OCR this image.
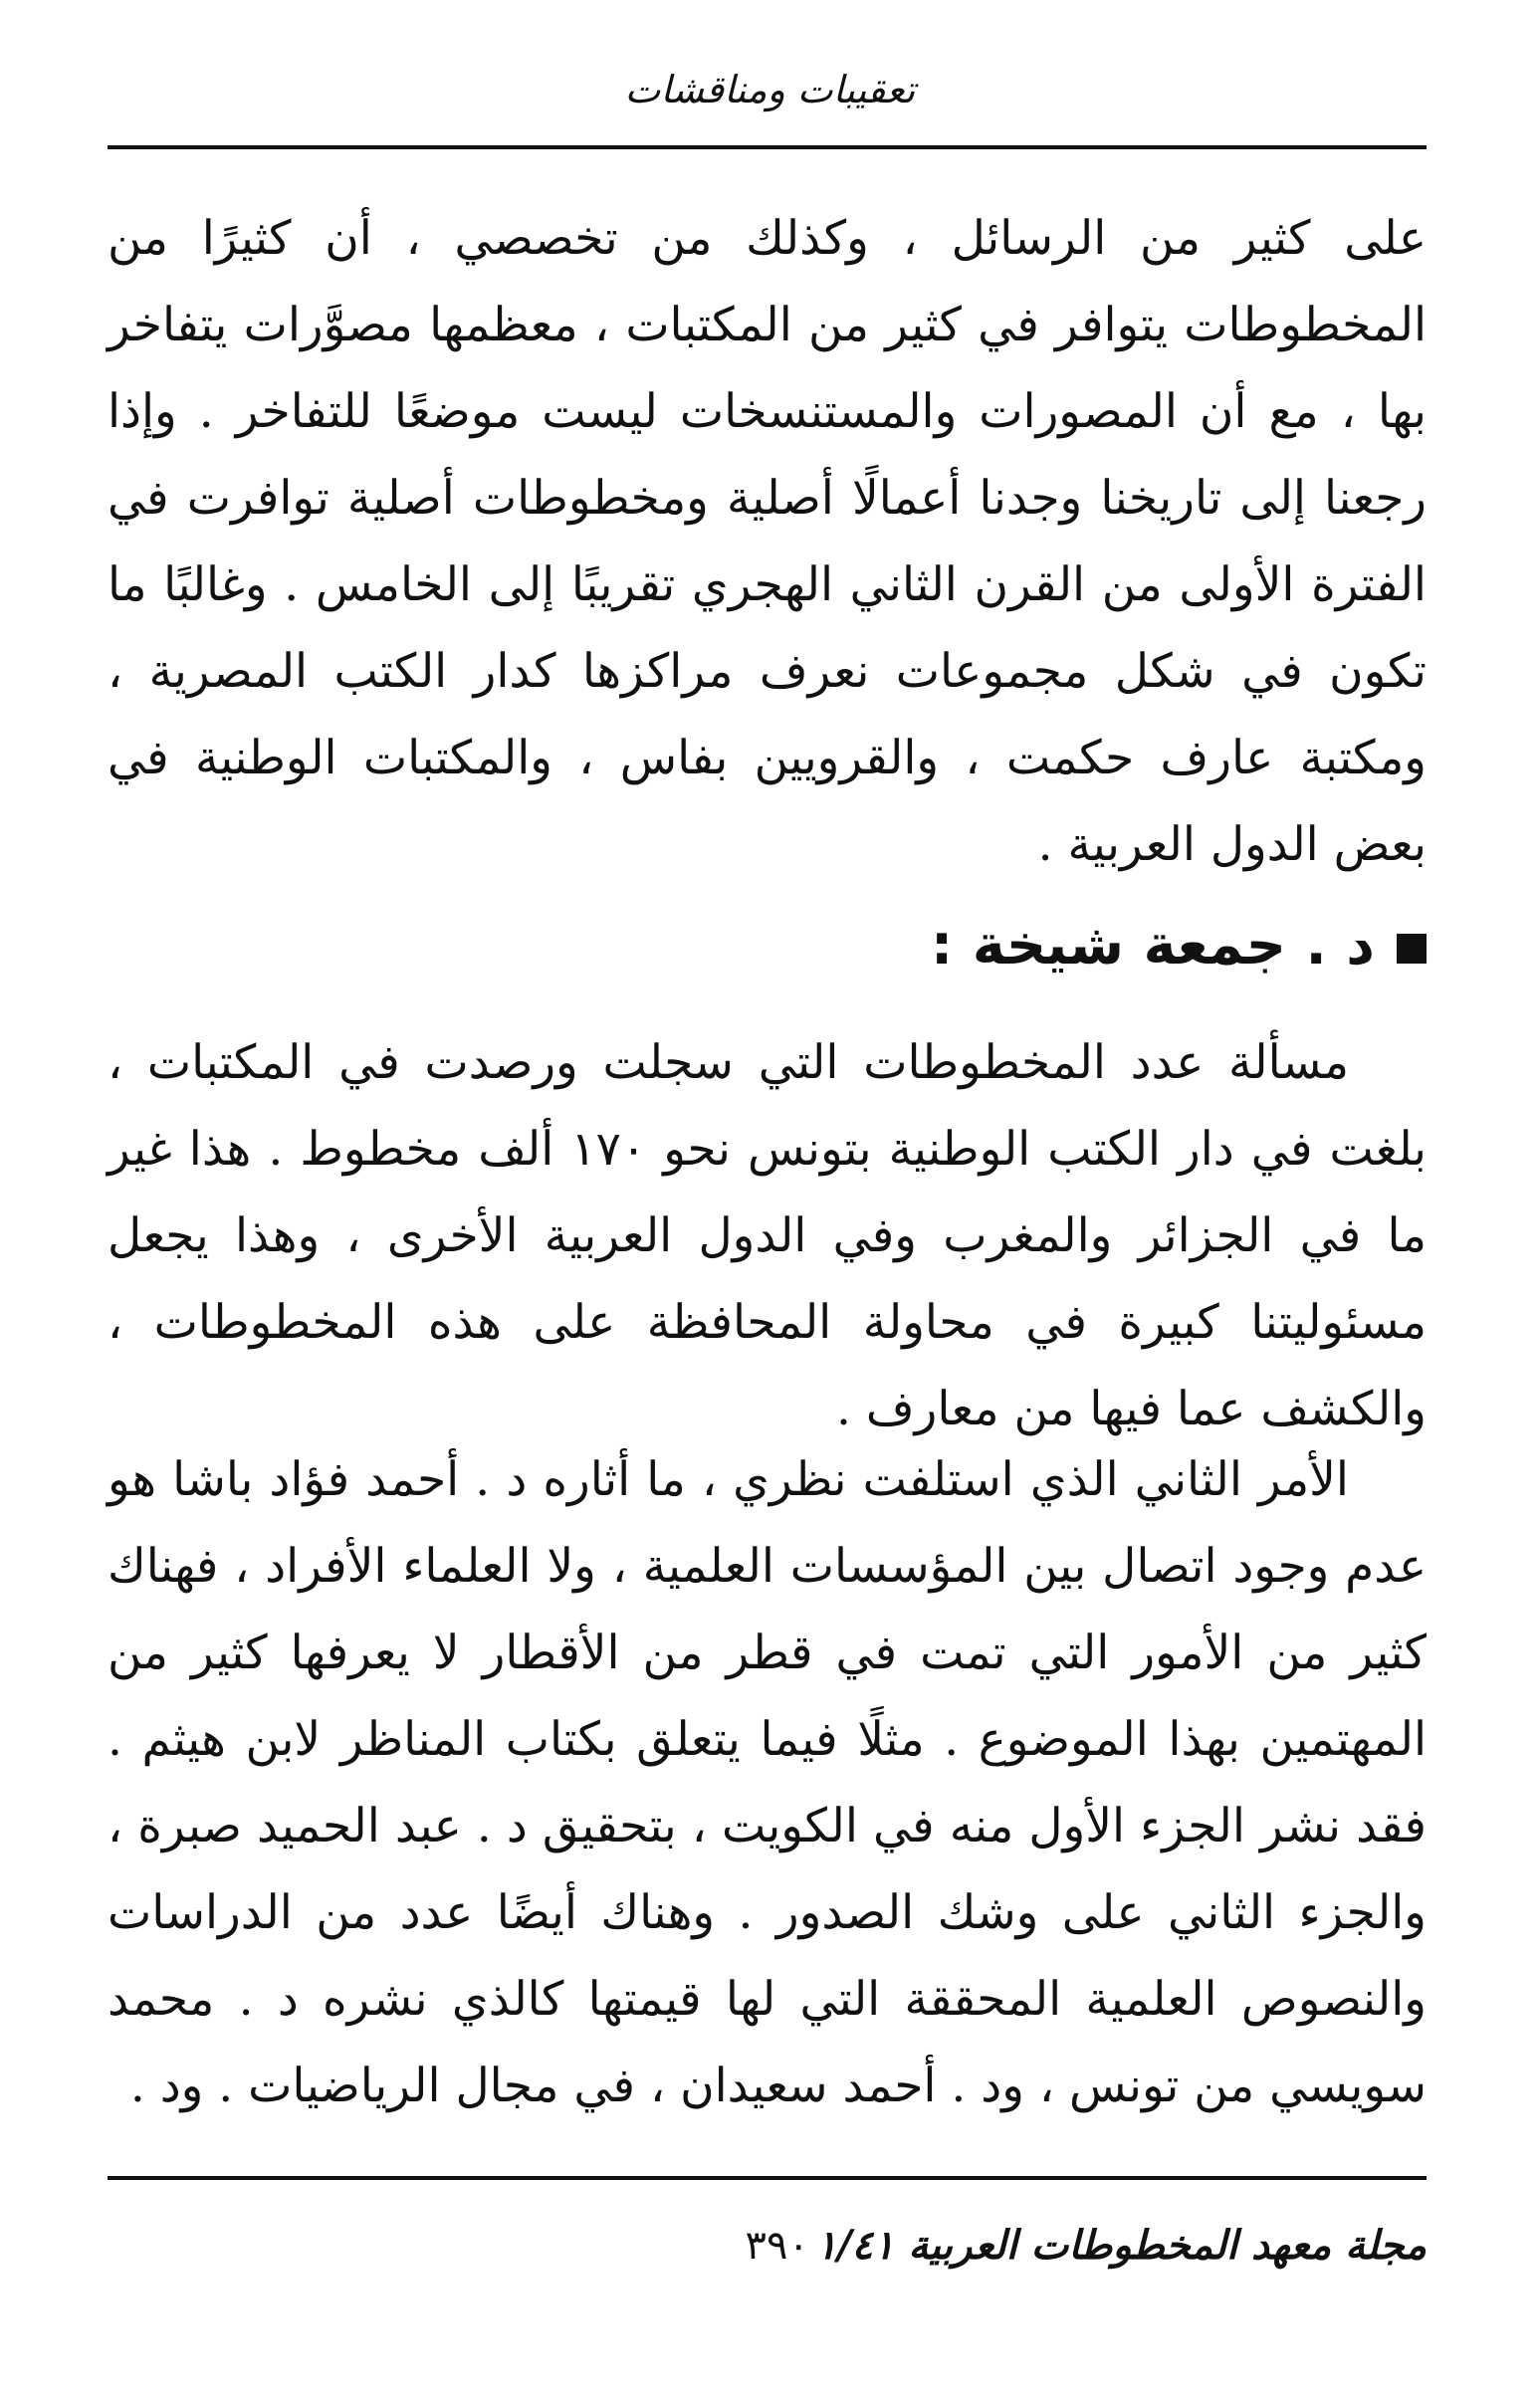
تعقيبات ومناقشات

على كثير من الرسائل ، وكذلك من تخصصي ، أن كثيرًا من المخطوطات يتوافر في كثير من المكتبات ، معظمها مصوَّرات يتفاخر بها ، مع أن المصورات والمستنسخات ليست موضعًا للتفاخر . وإذا رجعنا إلى تاريخنا وجدنا أعمالًا أصلية ومخطوطات أصلية توافرت في الفترة الأولى من القرن الثاني الهجري تقريبًا إلى الخامس . وغالبًا ما تكون في شكل مجموعات نعرف مراكزها كدار الكتب المصرية ، ومكتبة عارف حكمت ، والقرويين بفاس ، والمكتبات الوطنية في بعض الدول العربية .

د . جمعة شيخة :

مسألة عدد المخطوطات التي سجلت ورصدت في المكتبات ، بلغت في دار الكتب الوطنية بتونس نحو ١٧٠ ألف مخطوط . هذا غير ما في الجزائر والمغرب وفي الدول العربية الأخرى ، وهذا يجعل مسئوليتنا كبيرة في محاولة المحافظة على هذه المخطوطات ، والكشف عما فيها من معارف .

الأمر الثاني الذي استلفت نظري ، ما أثاره د . أحمد فؤاد باشا هو عدم وجود اتصال بين المؤسسات العلمية ، ولا العلماء الأفراد ، فهناك كثير من الأمور التي تمت في قطر من الأقطار لا يعرفها كثير من المهتمين بهذا الموضوع . مثلًا فيما يتعلق بكتاب المناظر لابن هيثم . فقد نشر الجزء الأول منه في الكويت ، بتحقيق د . عبد الحميد صبرة ، والجزء الثاني على وشك الصدور . وهناك أيضًا عدد من الدراسات والنصوص العلمية المحققة التي لها قيمتها كالذي نشره د . محمد سويسي من تونس ، ود . أحمد سعيدان ، في مجال الرياضيات . ود .

مجلة معهد المخطوطات العربية ١/٤١
٣٩٠
